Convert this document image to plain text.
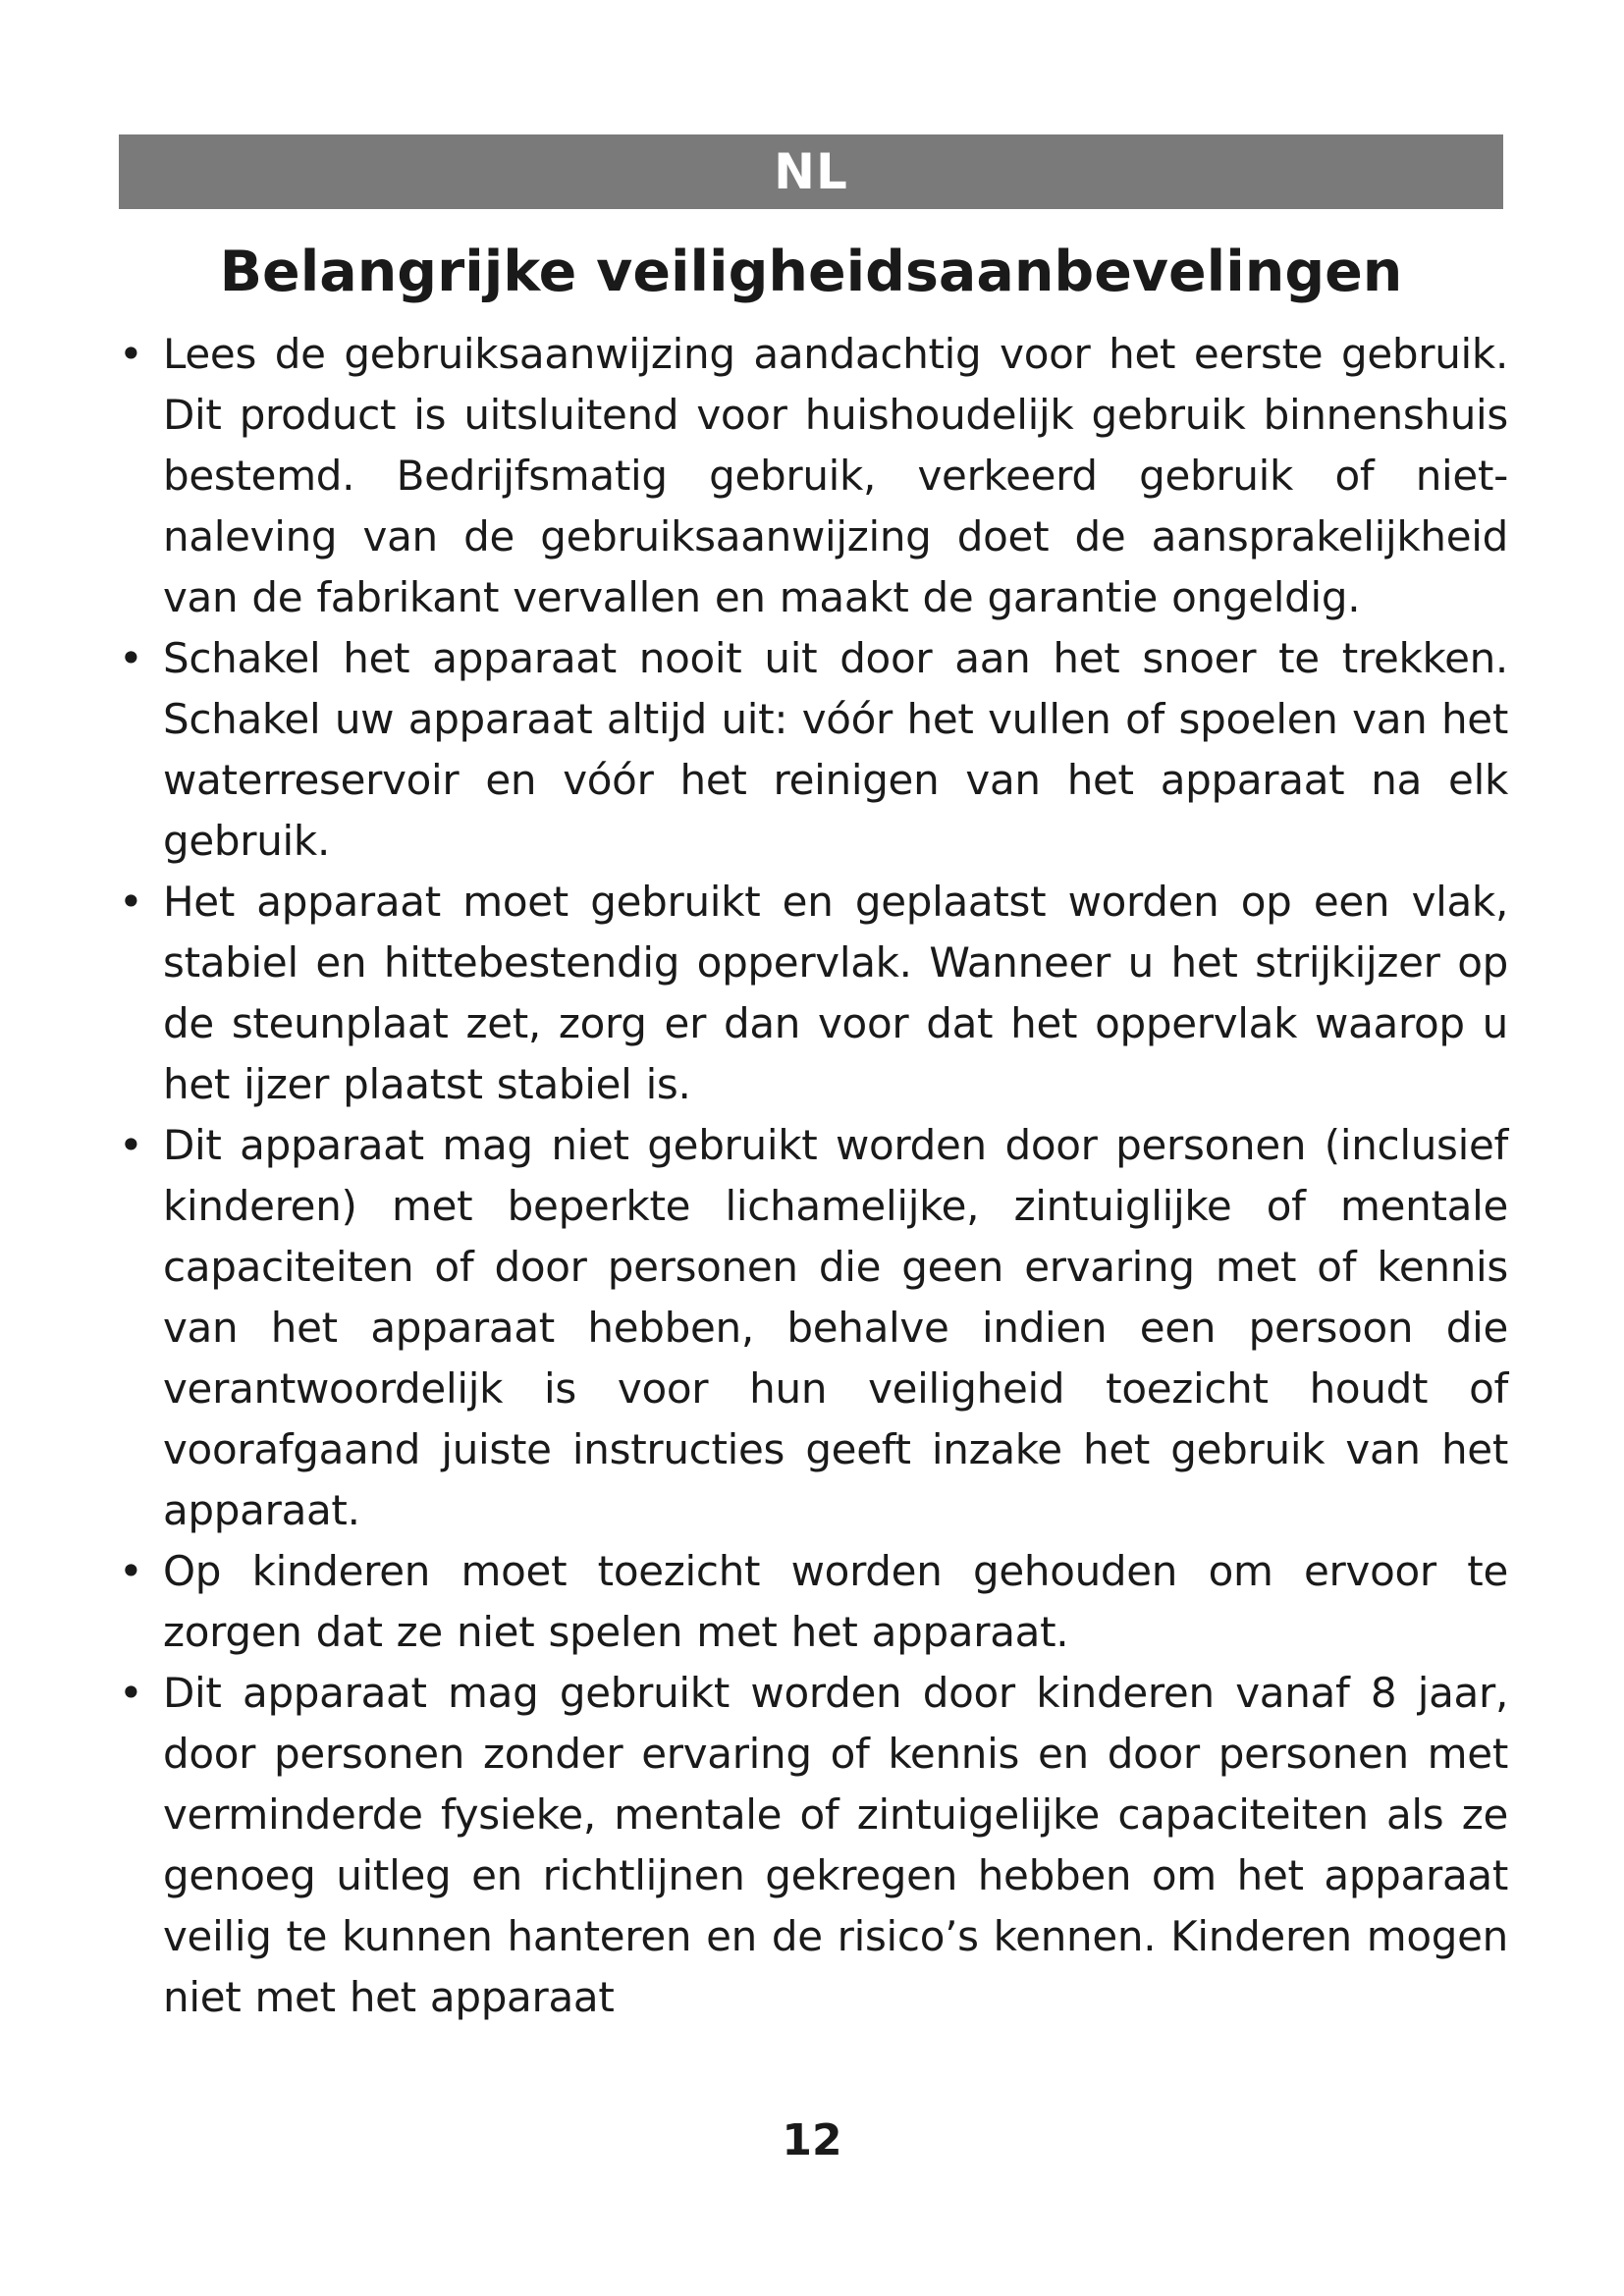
NL
Belangrijke veiligheidsaanbevelingen
• Lees de gebruiksaanwijzing aandachtig voor het eerste gebruik. Dit product is uitsluitend voor huishoudelijk gebruik binnenshuis bestemd. Bedrijfsmatig gebruik, verkeerd gebruik of niet-naleving van de gebruiksaanwijzing doet de aansprakelijkheid van de fabrikant vervallen en maakt de garantie ongeldig.
• Schakel het apparaat nooit uit door aan het snoer te trekken. Schakel uw apparaat altijd uit: vóór het vullen of spoelen van het waterreservoir en vóór het reinigen van het apparaat na elk gebruik.
• Het apparaat moet gebruikt en geplaatst worden op een vlak, stabiel en hittebestendig oppervlak. Wanneer u het strijkijzer op de steunplaat zet, zorg er dan voor dat het oppervlak waarop u het ijzer plaatst stabiel is.
• Dit apparaat mag niet gebruikt worden door personen (inclusief kinderen) met beperkte lichamelijke, zintuiglijke of mentale capaciteiten of door personen die geen ervaring met of kennis van het apparaat hebben, behalve indien een persoon die verantwoordelijk is voor hun veiligheid toezicht houdt of voorafgaand juiste instructies geeft inzake het gebruik van het apparaat.
• Op kinderen moet toezicht worden gehouden om ervoor te zorgen dat ze niet spelen met het apparaat.
• Dit apparaat mag gebruikt worden door kinderen vanaf 8 jaar, door personen zonder ervaring of kennis en door personen met verminderde fysieke, mentale of zintuigelijke capaciteiten als ze genoeg uitleg en richtlijnen gekregen hebben om het apparaat veilig te kunnen hanteren en de risico’s kennen. Kinderen mogen niet met het apparaat
12
